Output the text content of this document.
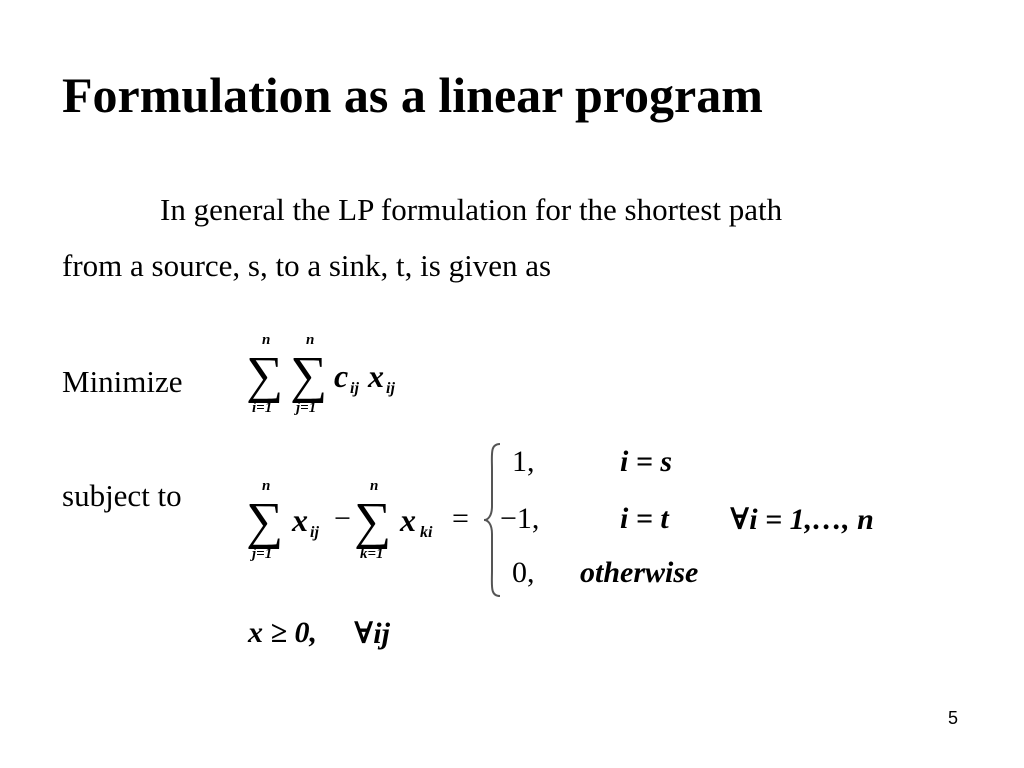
Formulation as a linear program
In general the LP formulation for the shortest path
from a source, s, to a sink, t, is given as
Minimize
n
∑
i=1
n
∑
j=1
c ij x ij
subject to	n
∑
j=1
x ij −
n
∑
k=1
x ki =
1,	i = s
−1,	i = t ∀i = 1,…, n
0, otherwise
x ≥ 0, ∀ij
5
